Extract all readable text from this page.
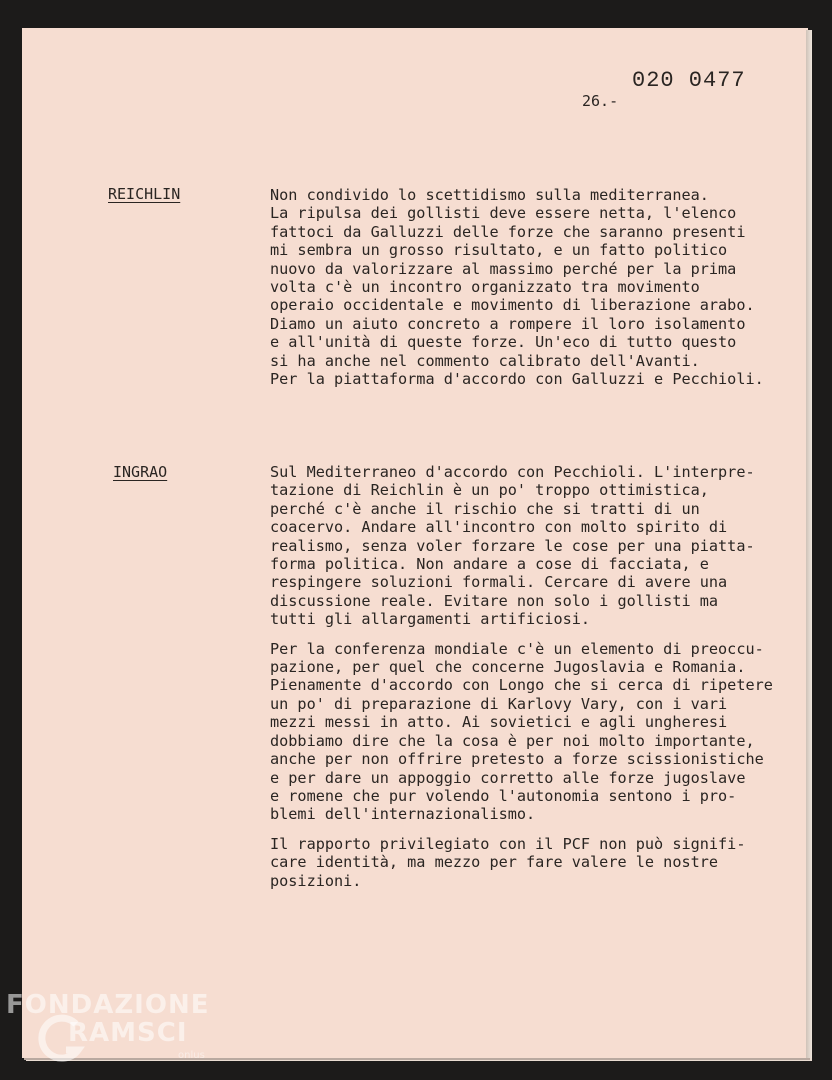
020 0477
26.-
REICHLIN	Non condivido lo scettidismo sulla mediterranea.
La ripulsa dei gollisti deve essere netta, l'elenco
fattoci da Galluzzi delle forze che saranno presenti
mi sembra un grosso risultato, e un fatto politico
nuovo da valorizzare al massimo perché per la prima
volta c'è un incontro organizzato tra movimento
operaio occidentale e movimento di liberazione arabo.
Diamo un aiuto concreto a rompere il loro isolamento
e all'unità di queste forze. Un'eco di tutto questo
si ha anche nel commento calibrato dell'Avanti.
Per la piattaforma d'accordo con Galluzzi e Pecchioli.
INGRAO	Sul Mediterraneo d'accordo con Pecchioli. L'interpre-
tazione di Reichlin è un po' troppo ottimistica,
perché c'è anche il rischio che si tratti di un
coacervo. Andare all'incontro con molto spirito di
realismo, senza voler forzare le cose per una piatta-
forma politica. Non andare a cose di facciata, e
respingere soluzioni formali. Cercare di avere una
discussione reale. Evitare non solo i gollisti ma
tutti gli allargamenti artificiosi.
Per la conferenza mondiale c'è un elemento di preoccu-
pazione, per quel che concerne Jugoslavia e Romania.
Pienamente d'accordo con Longo che si cerca di ripetere
un po' di preparazione di Karlovy Vary, con i vari
mezzi messi in atto. Ai sovietici e agli ungheresi
dobbiamo dire che la cosa è per noi molto importante,
anche per non offrire pretesto a forze scissionistiche
e per dare un appoggio corretto alle forze jugoslave
e romene che pur volendo l'autonomia sentono i pro-
blemi dell'internazionalismo.
Il rapporto privilegiato con il PCF non può signifi-
care identità, ma mezzo per fare valere le nostre
posizioni.
FONDAZIONE
RAMSCI
onlus
